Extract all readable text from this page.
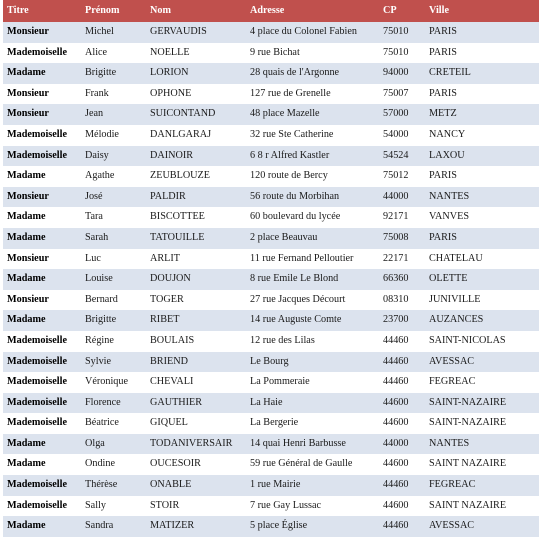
Titre	Prénom	Nom	Adresse	CP	Ville
Monsieur	Michel	GERVAUDIS	4 place du Colonel Fabien	75010	PARIS
Mademoiselle	Alice	NOELLE	9 rue Bichat	75010	PARIS
Madame	Brigitte	LORION	28 quais de l'Argonne	94000	CRETEIL
Monsieur	Frank	OPHONE	127 rue de Grenelle	75007	PARIS
Monsieur	Jean	SUICONTAND	48 place Mazelle	57000	METZ
Mademoiselle	Mélodie	DANLGARAJ	32 rue Ste Catherine	54000	NANCY
Mademoiselle	Daisy	DAINOIR	6 8 r Alfred Kastler	54524	LAXOU
Madame	Agathe	ZEUBLOUZE	120 route de Bercy	75012	PARIS
Monsieur	José	PALDIR	56 route du Morbihan	44000	NANTES
Madame	Tara	BISCOTTEE	60 boulevard du lycée	92171	VANVES
Madame	Sarah	TATOUILLE	2 place Beauvau	75008	PARIS
Monsieur	Luc	ARLIT	11 rue Fernand Pelloutier	22171	CHATELAU
Madame	Louise	DOUJON	8 rue Emile Le Blond	66360	OLETTE
Monsieur	Bernard	TOGER	27 rue Jacques Décourt	08310	JUNIVILLE
Madame	Brigitte	RIBET	14 rue Auguste Comte	23700	AUZANCES
Mademoiselle	Régine	BOULAIS	12 rue des Lilas	44460	SAINT-NICOLAS
Mademoiselle	Sylvie	BRIEND	Le Bourg	44460	AVESSAC
Mademoiselle	Véronique	CHEVALI	La Pommeraie	44460	FEGREAC
Mademoiselle	Florence	GAUTHIER	La Haie	44600	SAINT-NAZAIRE
Mademoiselle	Béatrice	GIQUEL	La Bergerie	44600	SAINT-NAZAIRE
Madame	Olga	TODANIVERSAIR	14 quai Henri Barbusse	44000	NANTES
Madame	Ondine	OUCESOIR	59 rue Général de Gaulle	44600	SAINT NAZAIRE
Mademoiselle	Thérèse	ONABLE	1 rue Mairie	44460	FEGREAC
Mademoiselle	Sally	STOIR	7 rue Gay Lussac	44600	SAINT NAZAIRE
Madame	Sandra	MATIZER	5 place Église	44460	AVESSAC
